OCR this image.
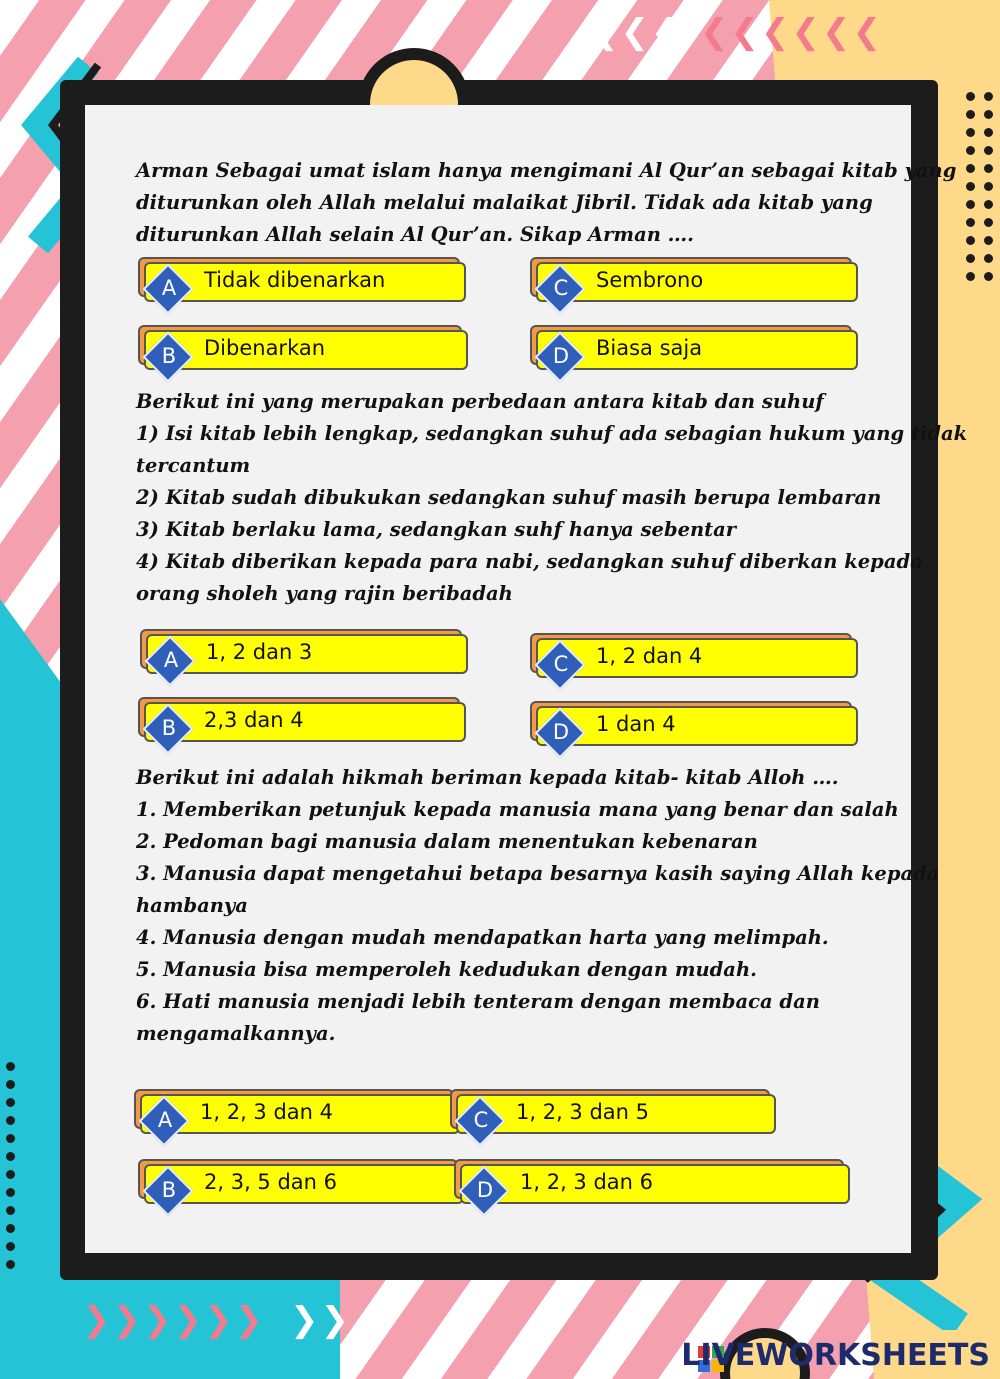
❮❮❮ ❮❮❮❮❮❮
❯❯❯❯❯❯ ❯❯
Arman Sebagai umat islam hanya mengimani Al Qur’an sebagai kitab yang
diturunkan oleh Allah melalui malaikat Jibril. Tidak ada kitab yang
diturunkan Allah selain Al Qur’an. Sikap Arman ….
A	Tidak dibenarkan
B	Dibenarkan
C	Sembrono
D	Biasa saja
Berikut ini yang merupakan perbedaan antara kitab dan suhuf
1) Isi kitab lebih lengkap, sedangkan suhuf ada sebagian hukum yang tidak
tercantum
2) Kitab sudah dibukukan sedangkan suhuf masih berupa lembaran
3) Kitab berlaku lama, sedangkan suhf hanya sebentar
4) Kitab diberikan kepada para nabi, sedangkan suhuf diberkan kepada
orang sholeh yang rajin beribadah
A	1, 2 dan 3
B	2,3 dan 4
C	1, 2 dan 4
D	1 dan 4
Berikut ini adalah hikmah beriman kepada kitab- kitab Alloh ….
1. Memberikan petunjuk kepada manusia mana yang benar dan salah
2. Pedoman bagi manusia dalam menentukan kebenaran
3. Manusia dapat mengetahui betapa besarnya kasih saying Allah kepada
hambanya
4. Manusia dengan mudah mendapatkan harta yang melimpah.
5. Manusia bisa memperoleh kedudukan dengan mudah.
6. Hati manusia menjadi lebih tenteram dengan membaca dan
mengamalkannya.
A	1, 2, 3 dan 4
B	2, 3, 5 dan 6
C	1, 2, 3 dan 5
D	1, 2, 3 dan 6
LIVEWORKSHEETS
